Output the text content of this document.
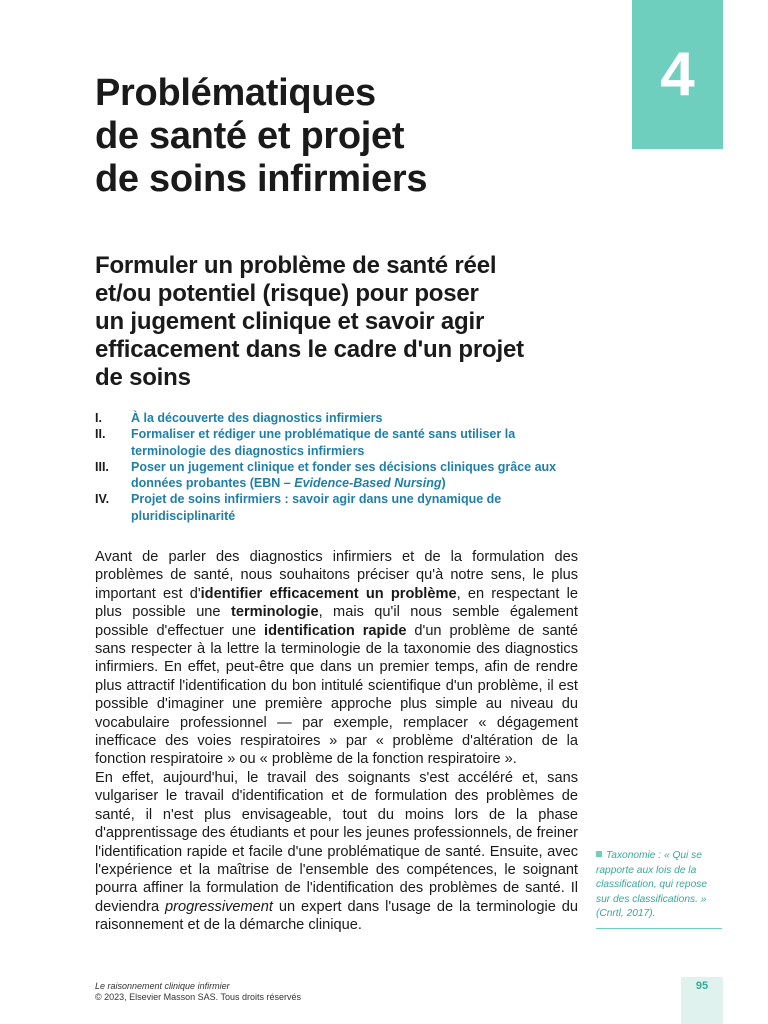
4
Problématiques
de santé et projet
de soins infirmiers
Formuler un problème de santé réel
et/ou potentiel (risque) pour poser
un jugement clinique et savoir agir
efficacement dans le cadre d'un projet
de soins
I.	À la découverte des diagnostics infirmiers
II.	Formaliser et rédiger une problématique de santé sans utiliser la terminologie des diagnostics infirmiers
III.	Poser un jugement clinique et fonder ses décisions cliniques grâce aux données probantes (EBN – Evidence-Based Nursing)
IV.	Projet de soins infirmiers : savoir agir dans une dynamique de pluridisciplinarité

Avant de parler des diagnostics infirmiers et de la formulation des problèmes de santé, nous souhaitons préciser qu'à notre sens, le plus important est d'identifier efficacement un problème, en respectant le plus possible une terminologie, mais qu'il nous semble également possible d'effectuer une identification rapide d'un problème de santé sans respecter à la lettre la terminologie de la taxonomie des diagnostics infirmiers. En effet, peut-être que dans un premier temps, afin de rendre plus attractif l'identification du bon intitulé scientifique d'un problème, il est possible d'imaginer une première approche plus simple au niveau du vocabulaire professionnel — par exemple, remplacer « dégagement inefficace des voies respiratoires » par « problème d'altération de la fonction respiratoire » ou « problème de la fonction respiratoire ».

En effet, aujourd'hui, le travail des soignants s'est accéléré et, sans vulgariser le travail d'identification et de formulation des problèmes de santé, il n'est plus envisageable, tout du moins lors de la phase d'apprentissage des étudiants et pour les jeunes professionnels, de freiner l'identification rapide et facile d'une problématique de santé. Ensuite, avec l'expérience et la maîtrise de l'ensemble des compétences, le soignant pourra affiner la formulation de l'identification des problèmes de santé. Il deviendra progressivement un expert dans l'usage de la terminologie du raisonnement et de la démarche clinique.

Taxonomie : « Qui se rapporte aux lois de la classification, qui repose sur des classifications. » (Cnrtl, 2017).
Le raisonnement clinique infirmier
© 2023, Elsevier Masson SAS. Tous droits réservés
95
